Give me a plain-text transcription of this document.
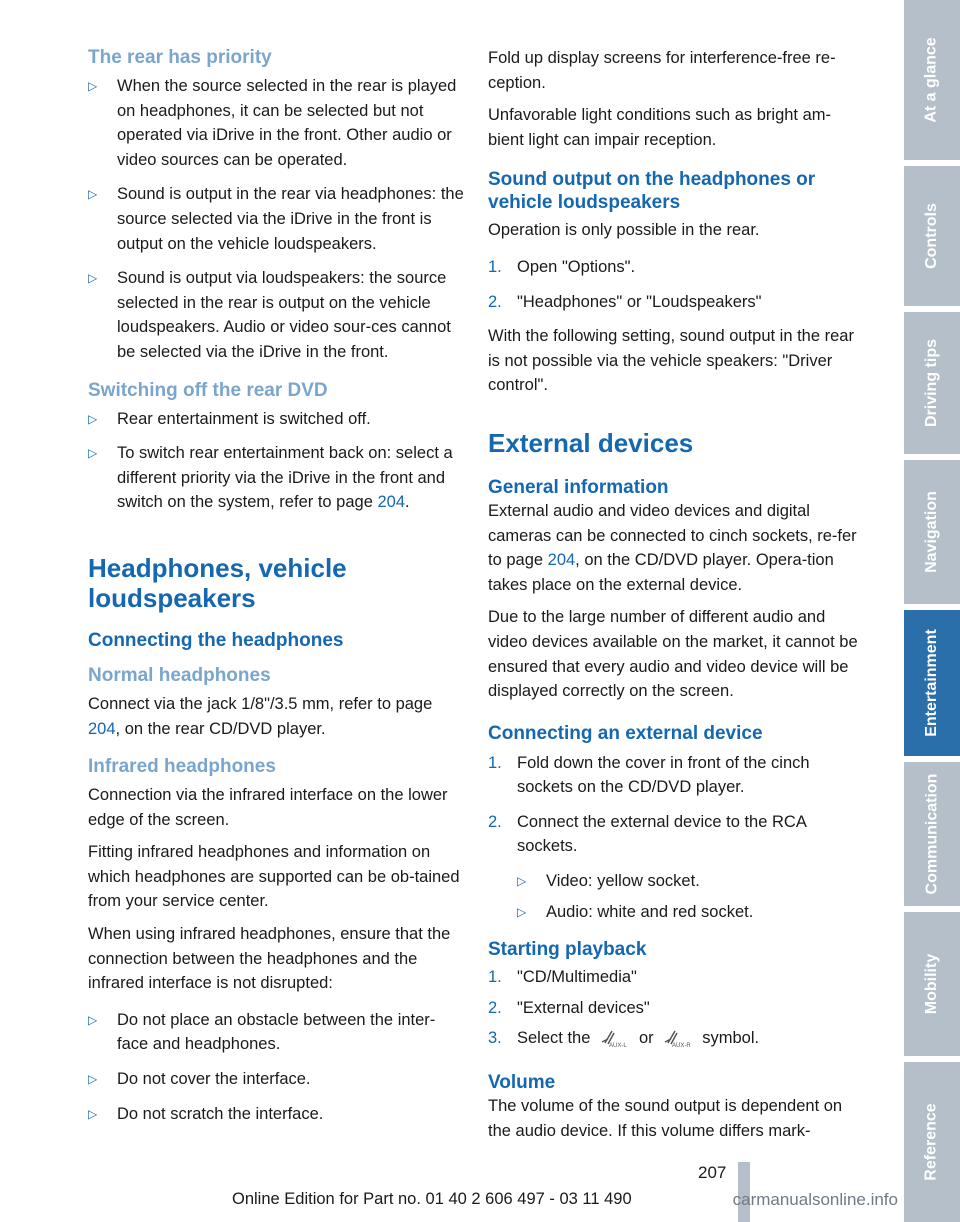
The rear has priority
▷ When the source selected in the rear is played on headphones, it can be selected but not operated via iDrive in the front. Other audio or video sources can be operated.
▷ Sound is output in the rear via headphones: the source selected via the iDrive in the front is output on the vehicle loudspeakers.
▷ Sound is output via loudspeakers: the source selected in the rear is output on the vehicle loudspeakers. Audio or video sour‐ces cannot be selected via the iDrive in the front.
Switching off the rear DVD
▷ Rear entertainment is switched off.
▷ To switch rear entertainment back on: select a different priority via the iDrive in the front and switch on the system, refer to page 204.
Headphones, vehicle loudspeakers
Connecting the headphones
Normal headphones

Connect via the jack 1/8"/3.5 mm, refer to page 204, on the rear CD/DVD player.

Infrared headphones

Connection via the infrared interface on the lower edge of the screen.

Fitting infrared headphones and information on which headphones are supported can be ob‐tained from your service center.

When using infrared headphones, ensure that the connection between the headphones and the infrared interface is not disrupted:

▷ Do not place an obstacle between the inter‐face and headphones.
▷ Do not cover the interface.
▷ Do not scratch the interface.

Fold up display screens for interference-free re‐ception.

Unfavorable light conditions such as bright am‐bient light can impair reception.

Sound output on the headphones or vehicle loudspeakers

Operation is only possible in the rear.

1. Open "Options".
2. "Headphones" or "Loudspeakers"

With the following setting, sound output in the rear is not possible via the vehicle speakers: "Driver control".

External devices
General information

External audio and video devices and digital cameras can be connected to cinch sockets, re‐fer to page 204, on the CD/DVD player. Opera‐tion takes place on the external device.

Due to the large number of different audio and video devices available on the market, it cannot be ensured that every audio and video device will be displayed correctly on the screen.

Connecting an external device
1. Fold down the cover in front of the cinch sockets on the CD/DVD player.
2. Connect the external device to the RCA sockets.
▷ Video: yellow socket.
▷ Audio: white and red socket.
Starting playback
1. "CD/Multimedia"
2. "External devices"
3. Select the	AUX-L or	AUX-R symbol.
Volume

The volume of the sound output is dependent on the audio device. If this volume differs mark‐

At a glance
Controls
Driving tips
Navigation
Entertainment
Communication
Mobility
Reference
207
Online Edition for Part no. 01 40 2 606 497 - 03 11 490	carmanualsonline.info
